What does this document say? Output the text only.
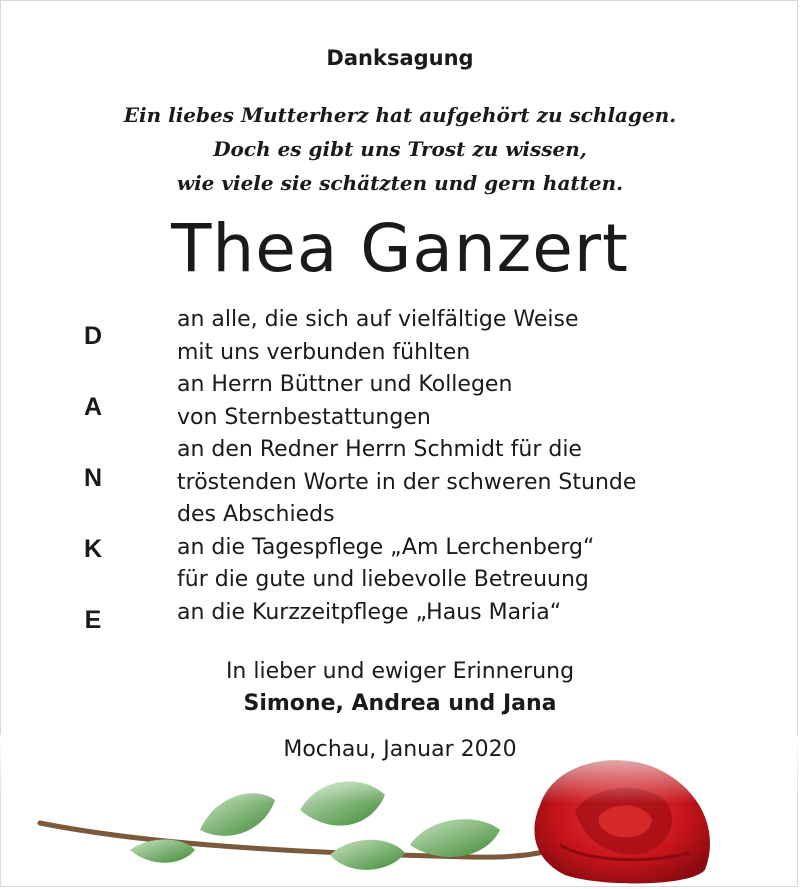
Danksagung
Ein liebes Mutterherz hat aufgehört zu schlagen.
Doch es gibt uns Trost zu wissen,
wie viele sie schätzten und gern hatten.
Thea Ganzert
D
A
N
K
E
an alle, die sich auf vielfältige Weise
mit uns verbunden fühlten
an Herrn Büttner und Kollegen
von Sternbestattungen
an den Redner Herrn Schmidt für die
tröstenden Worte in der schweren Stunde
des Abschieds
an die Tagespflege „Am Lerchenberg“
für die gute und liebevolle Betreuung
an die Kurzzeitpflege „Haus Maria“
In lieber und ewiger Erinnerung
Simone, Andrea und Jana
Mochau, Januar 2020
